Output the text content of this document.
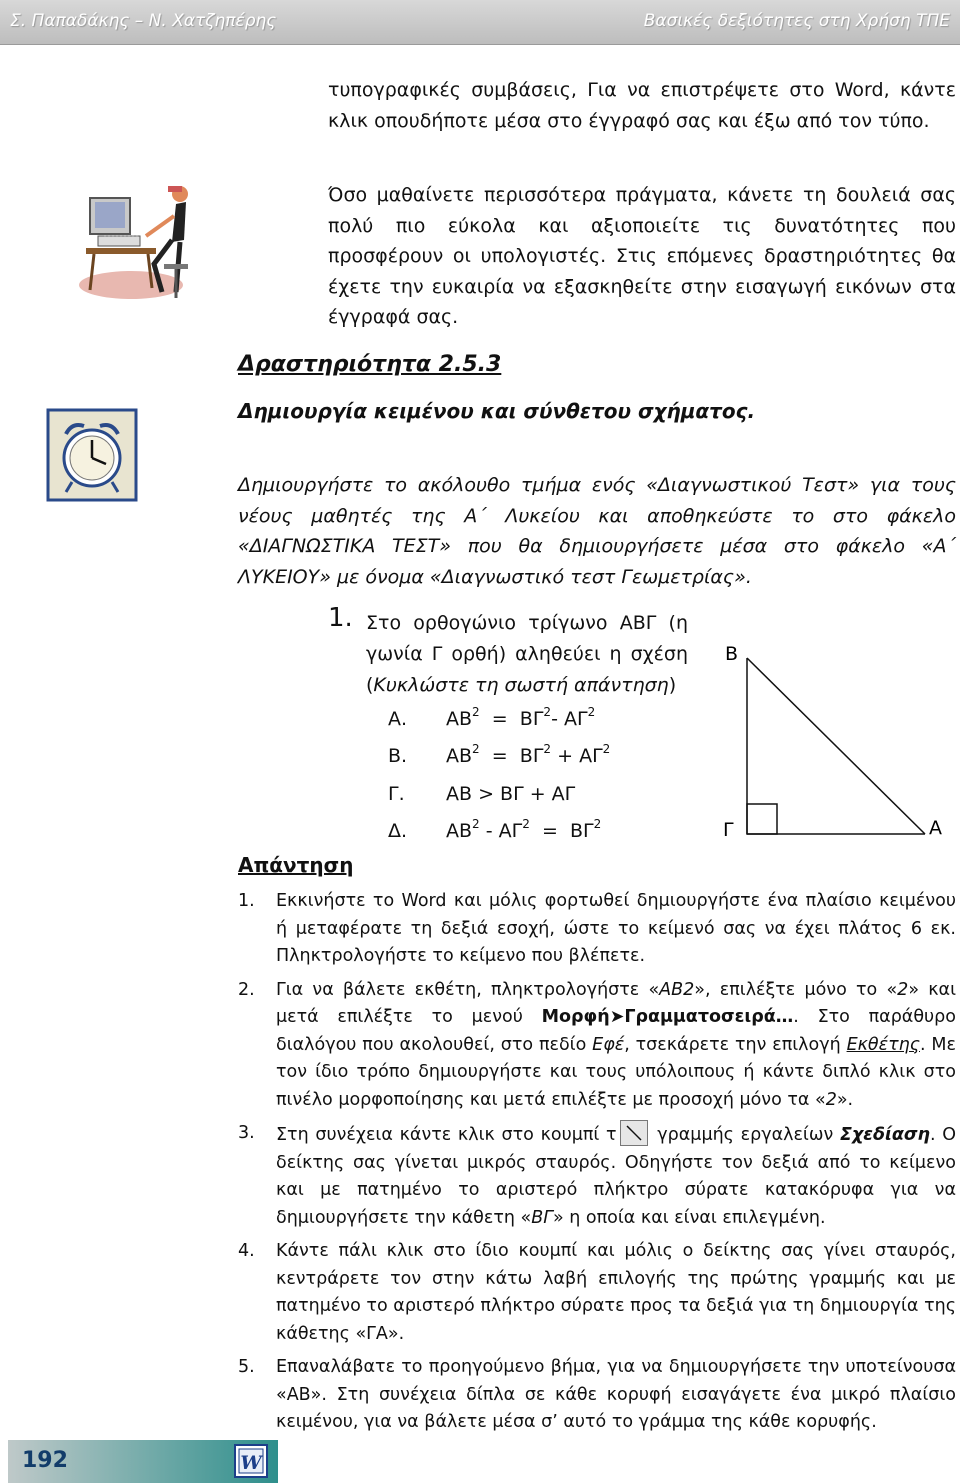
Σ. Παπαδάκης – Ν. Χατζηπέρης	Βασικές δεξιότητες στη Χρήση ΤΠΕ
τυπογραφικές συμβάσεις, Για να επιστρέψετε στο Word, κάντε κλικ οπουδήποτε μέσα στο έγγραφό σας και έξω από τον τύπο.
Όσο μαθαίνετε περισσότερα πράγματα, κάνετε τη δουλειά σας πολύ πιο εύκολα και αξιοποιείτε τις δυνατότητες που προσφέρουν οι υπολογιστές. Στις επόμενες δραστηριότητες θα έχετε την ευκαιρία να εξασκηθείτε στην εισαγωγή εικόνων στα έγγραφά σας.
Δραστηριότητα 2.5.3
Δημιουργία κειμένου και σύνθετου σχήματος.
Δημιουργήστε το ακόλουθο τμήμα ενός «Διαγνωστικού Τεστ» για τους νέους μαθητές της Α΄ Λυκείου και αποθηκεύστε το στο φάκελο «ΔΙΑΓΝΩΣΤΙΚΑ ΤΕΣΤ» που θα δημιουργήσετε μέσα στο φάκελο «Α΄ ΛΥΚΕΙΟΥ» με όνομα «Διαγνωστικό τεστ Γεωμετρίας».
1. Στο ορθογώνιο τρίγωνο ΑΒΓ (η γωνία Γ ορθή) αληθεύει η σχέση (Κυκλώστε τη σωστή απάντηση)
Α. $AB^2 = B\Gamma^2-$ $A\Gamma^2$
Β. $AB^2 = B\Gamma^2 + A\Gamma^2$
Γ. ΑΒ > ΒΓ + ΑΓ
Δ. $AB^2 - A\Gamma^2 = B\Gamma^2$
Β
Γ	Α
Απάντηση
1. Εκκινήστε το Word και μόλις φορτωθεί δημιουργήστε ένα πλαίσιο κειμένου ή μεταφέρατε τη δεξιά εσοχή, ώστε το κείμενό σας να έχει πλάτος 6 εκ. Πληκτρολογήστε το κείμενο που βλέπετε.
2. Για να βάλετε εκθέτη, πληκτρολογήστε «ΑΒ2», επιλέξτε μόνο το «2» και μετά επιλέξτε το μενού Μορφή➤Γραμματοσειρά…. Στο παράθυρο διαλόγου που ακολουθεί, στο πεδίο Εφέ, τσεκάρετε την επιλογή Εκθέτης. Με τον ίδιο τρόπο δημιουργήστε και τους υπόλοιπους ή κάντε διπλό κλικ στο πινέλο μορφοποίησης και μετά επιλέξτε με προσοχή μόνο τα «2».
3. Στη συνέχεια κάντε κλικ στο κουμπί τ γραμμής εργαλείων Σχεδίαση. Ο δείκτης σας γίνεται μικρός σταυρός. Οδηγήστε τον δεξιά από το κείμενο και με πατημένο το αριστερό πλήκτρο σύρατε κατακόρυφα για να δημιουργήσετε την κάθετη «ΒΓ» η οποία και είναι επιλεγμένη.
4. Κάντε πάλι κλικ στο ίδιο κουμπί και μόλις ο δείκτης σας γίνει σταυρός, κεντράρετε τον στην κάτω λαβή επιλογής της πρώτης γραμμής και με πατημένο το αριστερό πλήκτρο σύρατε προς τα δεξιά για τη δημιουργία της κάθετης «ΓΑ».
5. Επαναλάβατε το προηγούμενο βήμα, για να δημιουργήσετε την υποτείνουσα «ΑΒ». Στη συνέχεια δίπλα σε κάθε κορυφή εισαγάγετε ένα μικρό πλαίσιο κειμένου, για να βάλετε μέσα σ’ αυτό το γράμμα της κάθε κορυφής.
192	W
